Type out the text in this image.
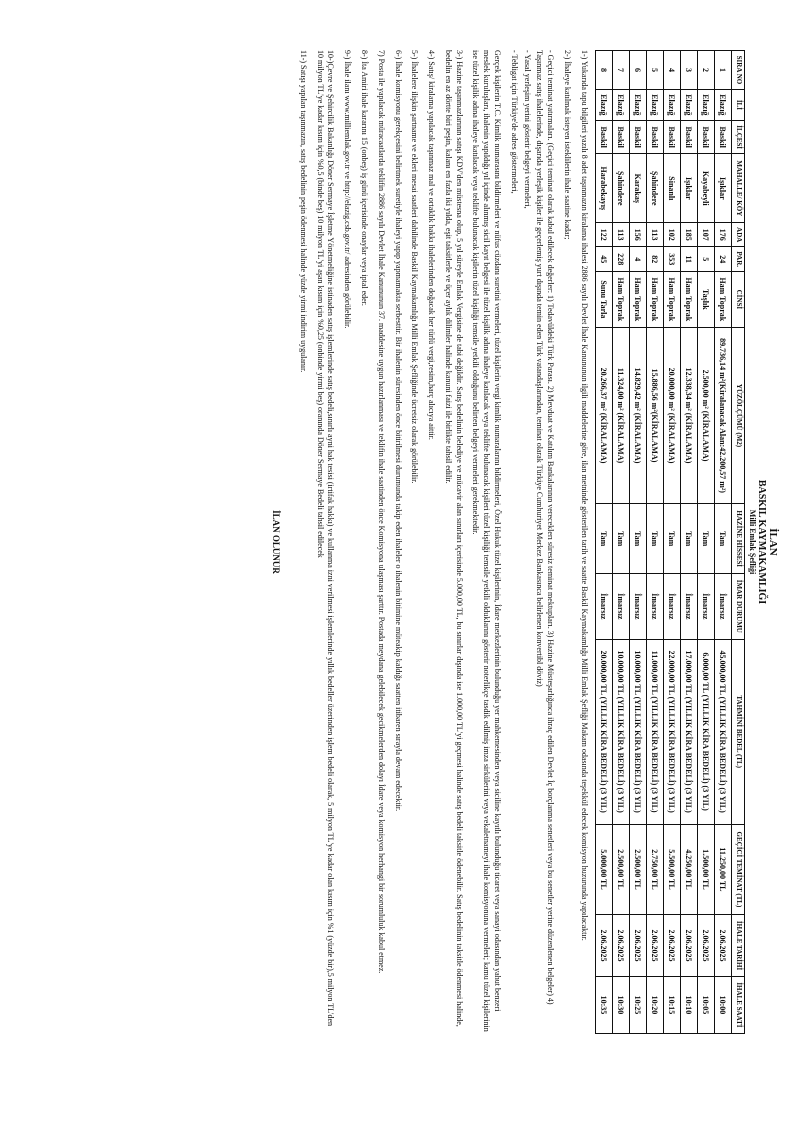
İLAN
BASKIL KAYMAKAMLIĞI
Milli Emlak Şefliği
SIRA NO	İLİ	İLÇESİ	MAHALLE/ KÖY	ADA	PAR.	CİNSİ	YÜZÖLÇÜMÜ (M2)	HAZİNE HİSSESİ	İMAR DURUMU	TAHMİNİ BEDEL (TL)	GEÇİCİ TEMİNAT (TL)	İHALE TARİHİ	İHALE SAATİ
1	Elazığ	Baskil	Işıklar	176	24	Ham Toprak	89.736,14 m²(Kiralanacak Alan:42.200,57 m²)	Tam	İmarsız	45.000,00 TL (YILLIK KİRA BEDELİ) (3 YIL)	11.250,00 TL	2.06.2025	10:00
2	Elazığ	Baskil	Kayabeyli	107	5	Taşlık	2.500,00 m² (KİRALAMA)	Tam	İmarsız	6.000,00 TL (YILLIK KİRA BEDELİ) (3 YIL)	1.500,00 TL	2.06.2025	10:05
3	Elazığ	Baskil	Işıklar	185	11	Ham Toprak	12.338,34 m² (KİRALAMA)	Tam	İmarsız	17.000,00 TL (YILLIK KİRA BEDELİ) (3 YIL)	4.250,00 TL	2.06.2025	10:10
4	Elazığ	Baskil	Sinanlı	102	353	Ham Toprak	20.000,00 m² (KİRALAMA)	Tam	İmarsız	22.000,00 TL (YILLIK KİRA BEDELİ) (3 YIL)	5.500,00 TL	2.06.2025	10:15
5	Elazığ	Baskil	Şahindere	113	82	Ham Toprak	15.886,56 m²(KİRALAMA)	Tam	İmarsız	11.000,00 TL (YILLIK KİRA BEDELİ) (3 YIL)	2.750,00 TL	2.06.2025	10:20
6	Elazığ	Baskil	Karakaş	156	4	Ham Toprak	14.829,42 m² (KİRALAMA)	Tam	İmarsız	10.000,00 TL (YILLIK KİRA BEDELİ) (3 YIL)	2.500,00 TL	2.06.2025	10:25
7	Elazığ	Baskil	Şahindere	113	228	Ham Toprak	11.324,00 m² (KİRALAMA)	Tam	İmarsız	10.000,00 TL (YILLIK KİRA BEDELİ) (3 YIL)	2.500,00 TL	2.06.2025	10:30
8	Elazığ	Baskil	Harabekayış	122	45	Sunu Tarla	20.266,37 m² (KİRALAMA)	Tam	İmarsız	20.000,00 TL (YILLIK KİRA BEDELİ) (3 YIL)	5.000,00 TL	2.06.2025	10:35

1-) Yukarıda tapu bilgileri yazılı 8 adet taşınmazın kiralama ihalesi 2886 sayılı Devlet İhale Kanununun ilgili maddelerine göre, ilan metninde gösterilen tarih ve saatte Baskil Kaymakamlığı Milli Emlak Şefliği Makam odasında teşekkül edecek komisyon huzurunda yapılacaktır.

2-) İhaleye katılmak isteyen isteklilerin ihale saatine kadar;

- Geçici teminat yatırmaları. (Geçici teminat olarak kabul edilecek değerler: 1) Tedavüldeki Türk Parası. 2) Mevduat ve Katılım Bankalarının vereceklerı süresiz teminat mektupları. 3) Hazine Müsteşarlığınca ihraç edilen Devlet İç borçlanma senetleri veya bu senetler yerine düzenlenen belgeler) 4) Taşınmaz satış ihalelerinde, dışarıda yerleşik kişiler ile geçerlemiş yurt dışında temin eden Türk vatandaşlarından, teminat olarak Türkiye Cumhuriyet Merkez Bankasınca belirlenen konvertibl döviz)

- Yasal yerleşim yerini gösterir belgeyi vermeleri,

- Tebligat için Türkiye'de adres göstermeleri,

Gerçek kişilerin T.C. Kimlik numarasını bildirmeleri ve nüfus cüzdanı suretini vermeleri, tüzel kişilerin vergi kimlik numaralarını bildirmeleri, Özel Hukuk tüzel kişilerinin, İdare merkezlerinin bulunduğu yer mahkemesinden veya siciline kayıtlı bulunduğu ticaret veya sanayi odasından yahut benzeri meslek kuruluşları, ihalenin yapıldığı yıl içinde alınmış sicil kayıt belgesi ile tüzel kişilik adına ihaleye katılacak veya teklifte bulunacak kişileri tüzel kişiliği temsile yetkili olduklarını gösterir noterlikçe tasdik edilmiş imza sirkülerini veya vekaletnameyi ihale komisyonuna vermeleri; kamu tüzel kişilerinin ise tüzel kişilik adına ihaleye katılacak veya teklifte bulunacak kişilerin tüzel kişiliği temsile yetkili olduğunu belirten belgeyi vermeleri gerekmektedir.

3-) Hazine taşınmazlarının satışı KDV'den müstesna olup, 5 yıl süreyle Emlak Vergisine de tabi değildir. Satış bedelinin belediye ve mücavir alan sınırları içerisinde 5.000,00 TL, bu sınırlar dışında ise 1.000,00 TL'yi geçmesi halinde satış bedeli taksitle ödenebilir. Satış bedelinin taksitle ödenmesi halinde, bedelin en az dörtte biri peşin, kalanı en fazla iki yılda, eşit taksitlerle ve üçer aylık dilimler halinde kanuni faizi ile birlikte tahsil edilir.

4-) Satış/ kiralama yapılacak taşınmaz mal ve ortaklık hakkı ihalelerinden doğacak her türlü vergi,resim,harç alıcıya aittir.

5-) İhalelere ilişkin şartname ve ekleri mesai saatleri dahilinde Baskil Kaymakamlığı Milli Emlak Şefliğinde ücretsiz olarak görülebilir.

6-) İhale komisyonu gerekçesini belirtmek suretiyle ihaleyi yapıp yapmamakta serbesttir. Bir ihalenin süresinden önce bitirilmesi durumunda takip eden ihaleler o ihalenin bitimine müteakip kaldığı saatten itibaren sırayla devam edecektir.

7) Posta ile yapılacak müracaatlarda teklifin 2886 sayılı Devlet İhale Kanununun 37. maddesine uygun hazırlanması ve teklifin ihale saatinden önce Komisyona ulaşması şarttır. Postada meydana gelebilecek gecikmelerden dolayı İdare veya komisyon herhangi bir sorumluluk kabul etmez.

8-) İta Amiri ihale kararını 15 (onbeş) iş günü içerisinde onaylar veya iptal eder.

9-) İhale ilanı www.milliemlak.gov.tr ve http://elazig.csb.gov.tr/ adresinden görülebilir.

10-)Çevre ve Şehircilik Bakanlığı Döner Sermaye İşletme Yönetmeliğine istinaden satış işlemlerinde satış bedeli,sınırlı ayni hak tesisi (irtifak hakkı) ve kullanma izni verilmesi işlemlerinde yıllık bedeller üzerinden işlem bedeli olarak, 5 milyon TL'ye kadar olan kısım için %1 (yüzde bir),5 milyon TL'den 10 milyon TL'ye kadar kısım için %0,5 (binde beş) 10 milyon TL'yi aşan kısım için %0,25 (onbinde yirmi beş) oranında Döner Sermaye Bedeli tahsil edilecek

11-) Satışı yapılan taşınmazın, satış bedelinin peşin ödenmesi halinde yüzde yirmi indirim uygulanır.

İLAN OLUNUR
